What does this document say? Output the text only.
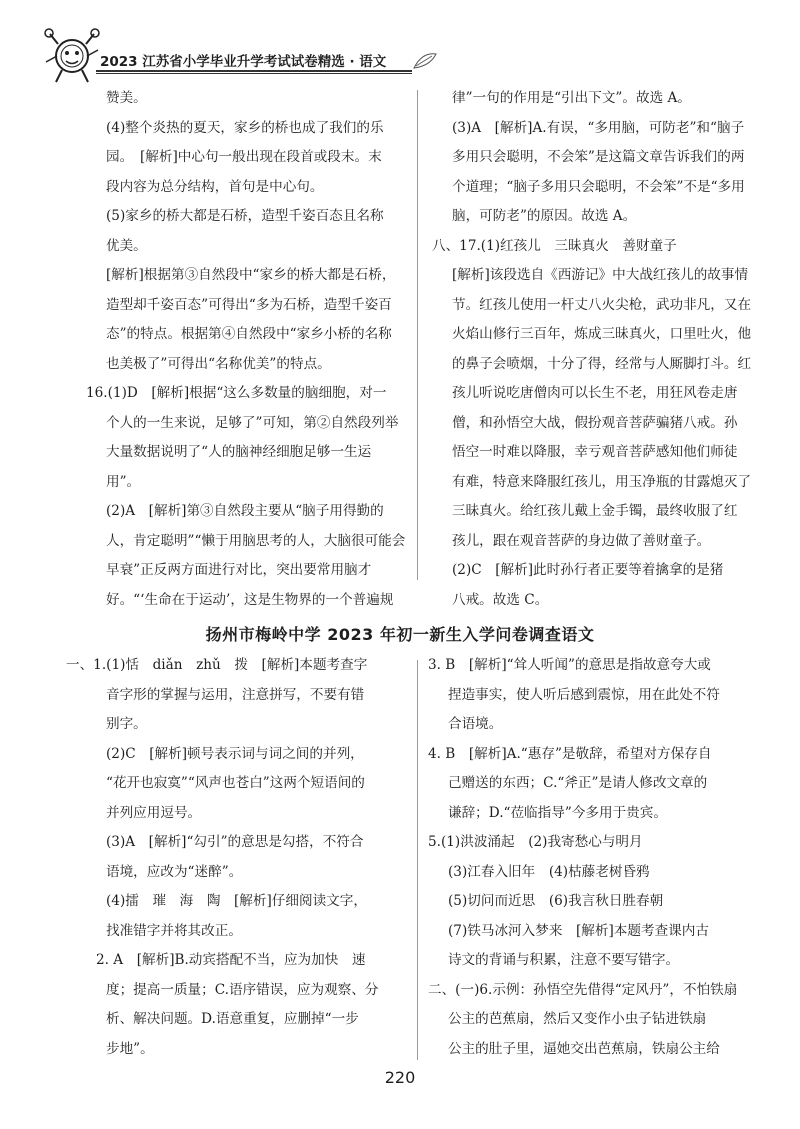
2023 江苏省小学毕业升学考试试卷精选 · 语文

赞美。

(4)整个炎热的夏天，家乡的桥也成了我们的乐

园。　[解析]中心句一般出现在段首或段末。末

段内容为总分结构，首句是中心句。

(5)家乡的桥大都是石桥，造型千姿百态且名称

优美。

[解析]根据第③自然段中“家乡的桥大都是石桥，

造型却千姿百态”可得出“多为石桥，造型千姿百

态”的特点。根据第④自然段中“家乡小桥的名称

也美极了”可得出“名称优美”的特点。

16.(1)D　[解析]根据“这么多数量的脑细胞，对一

个人的一生来说，足够了”可知，第②自然段列举

大量数据说明了“人的脑神经细胞足够一生运

用”。

(2)A　[解析]第③自然段主要从“脑子用得勤的

人，肯定聪明”“懒于用脑思考的人，大脑很可能会

早衰”正反两方面进行对比，突出要常用脑才

好。“‘生命在于运动’，这是生物界的一个普遍规

律”一句的作用是“引出下文”。故选 A。

(3)A　[解析]A.有误，“多用脑，可防老”和“脑子

多用只会聪明，不会笨”是这篇文章告诉我们的两

个道理；“脑子多用只会聪明，不会笨”不是“多用

脑，可防老”的原因。故选 A。

八、17.(1)红孩儿　三昧真火　善财童子

[解析]该段选自《西游记》中大战红孩儿的故事情

节。红孩儿使用一杆丈八火尖枪，武功非凡，又在

火焰山修行三百年，炼成三昧真火，口里吐火，他

的鼻子会喷烟，十分了得，经常与人厮脚打斗。红

孩儿听说吃唐僧肉可以长生不老，用狂风卷走唐

僧，和孙悟空大战，假扮观音菩萨骗猪八戒。孙

悟空一时难以降服，幸亏观音菩萨感知他们师徒

有难，特意来降服红孩儿，用玉净瓶的甘露熄灭了

三昧真火。给红孩儿戴上金手镯，最终收服了红

孩儿，跟在观音菩萨的身边做了善财童子。

(2)C　[解析]此时孙行者正要等着擒拿的是猪

八戒。故选 C。

扬州市梅岭中学 2023 年初一新生入学问卷调查语文

一、1.(1)恬　diǎn　zhǔ　拨　[解析]本题考查字

音字形的掌握与运用，注意拼写，不要有错

别字。

(2)C　[解析]顿号表示词与词之间的并列，

“花开也寂寞”“风声也苍白”这两个短语间的

并列应用逗号。

(3)A　[解析]“勾引”的意思是勾搭，不符合

语境，应改为“迷醉”。

(4)擂　璀　海　陶　[解析]仔细阅读文字，

找准错字并将其改正。

2. A　[解析]B.动宾搭配不当，应为加快　速

度；提高一质量；C.语序错误，应为观察、分

析、解决问题。D.语意重复，应删掉“一步

步地”。

3. B　[解析]“耸人听闻”的意思是指故意夸大或

捏造事实，使人听后感到震惊，用在此处不符

合语境。

4. B　[解析]A.“惠存”是敬辞，希望对方保存自

己赠送的东西；C.“斧正”是请人修改文章的

谦辞；D.“莅临指导”今多用于贵宾。

5.(1)洪波涌起　(2)我寄愁心与明月

(3)江春入旧年　(4)枯藤老树昏鸦

(5)切问而近思　(6)我言秋日胜春朝

(7)铁马冰河入梦来　[解析]本题考查课内古

诗文的背诵与积累，注意不要写错字。

二、(一)6.示例：孙悟空先借得“定风丹”，不怕铁扇

公主的芭蕉扇，然后又变作小虫子钻进铁扇

公主的肚子里，逼她交出芭蕉扇，铁扇公主给

220
